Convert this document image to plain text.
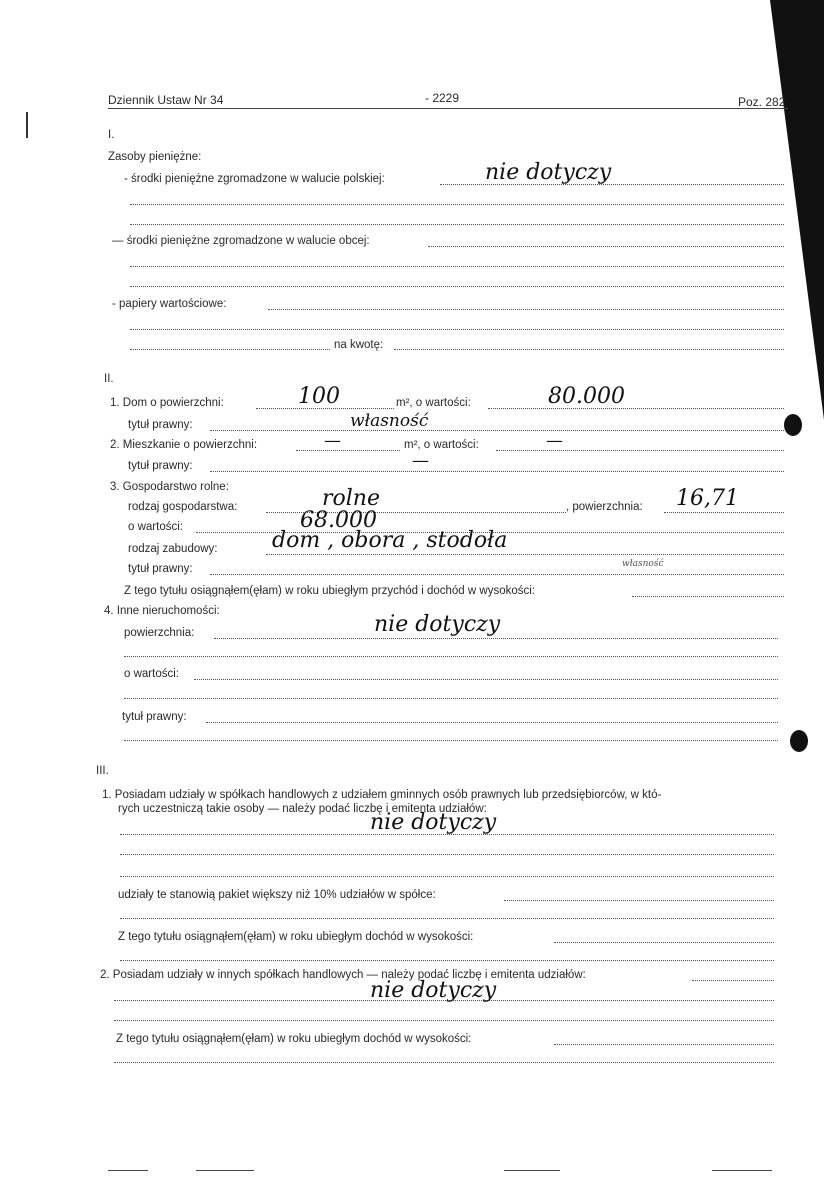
Dziennik Ustaw Nr 34	- 2229	Poz. 282
I.
Zasoby pieniężne:
- środki pieniężne zgromadzone w walucie polskiej:	nie dotyczy
— środki pieniężne zgromadzone w walucie obcej:
- papiery wartościowe:
na kwotę:
II.
1. Dom o powierzchni:	100	m², o wartości:	80.000
tytuł prawny:	własność
2. Mieszkanie o powierzchni:	—	m², o wartości:	—
tytuł prawny:	—
3. Gospodarstwo rolne:
rodzaj gospodarstwa:	rolne	, powierzchnia: 16,71
o wartości:	68.000
rodzaj zabudowy: dom , obora , stodoła
tytuł prawny:	własność
Z tego tytułu osiągnąłem(ęłam) w roku ubiegłym przychód i dochód w wysokości:
4. Inne nieruchomości:
powierzchnia:	nie dotyczy
o wartości:
tytuł prawny:
III.
1. Posiadam udziały w spółkach handlowych z udziałem gminnych osób prawnych lub przedsiębiorców, w któ-
rych uczestniczą takie osoby — należy podać liczbę i emitenta udziałów:
nie dotyczy
udziały te stanowią pakiet większy niż 10% udziałów w spółce:
Z tego tytułu osiągnąłem(ęłam) w roku ubiegłym dochód w wysokości:
2. Posiadam udziały w innych spółkach handlowych — należy podać liczbę i emitenta udziałów:
nie dotyczy
Z tego tytułu osiągnąłem(ęłam) w roku ubiegłym dochód w wysokości:
